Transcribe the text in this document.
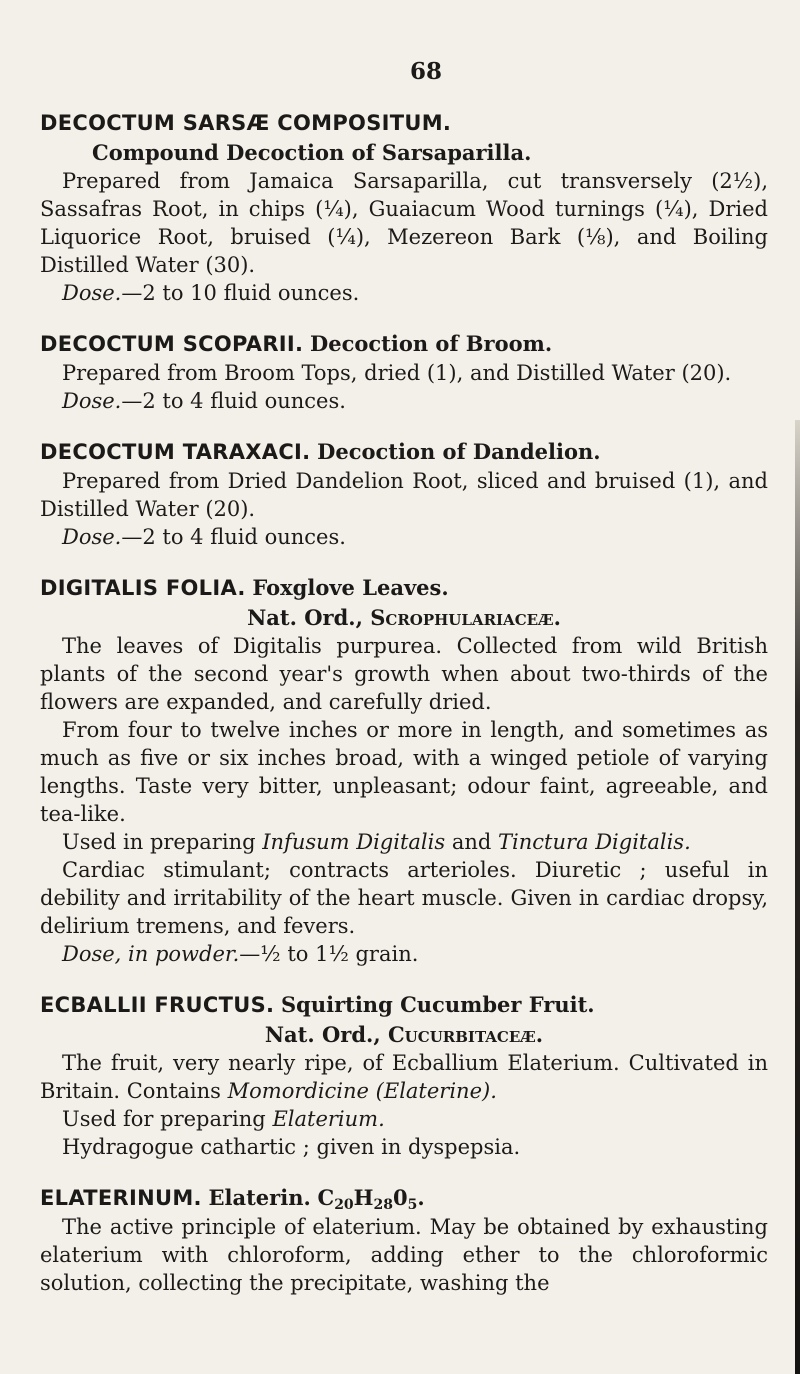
68
DECOCTUM SARSÆ COMPOSITUM.
Compound Decoction of Sarsaparilla.

Prepared from Jamaica Sarsaparilla, cut transversely (2½), Sassafras Root, in chips (¼), Guaiacum Wood turnings (¼), Dried Liquorice Root, bruised (¼), Mezereon Bark (⅛), and Boiling Distilled Water (30).

Dose.—2 to 10 fluid ounces.

DECOCTUM SCOPARII. Decoction of Broom.

Prepared from Broom Tops, dried (1), and Distilled Water (20).

Dose.—2 to 4 fluid ounces.

DECOCTUM TARAXACI. Decoction of Dandelion.

Prepared from Dried Dandelion Root, sliced and bruised (1), and Distilled Water (20).

Dose.—2 to 4 fluid ounces.

DIGITALIS FOLIA. Foxglove Leaves.
Nat. Ord., Scrophulariaceæ.

The leaves of Digitalis purpurea. Collected from wild British plants of the second year's growth when about two-thirds of the flowers are expanded, and carefully dried.

From four to twelve inches or more in length, and sometimes as much as five or six inches broad, with a winged petiole of varying lengths. Taste very bitter, unpleasant; odour faint, agreeable, and tea-like.

Used in preparing Infusum Digitalis and Tinctura Digitalis.

Cardiac stimulant; contracts arterioles. Diuretic ; useful in debility and irritability of the heart muscle. Given in cardiac dropsy, delirium tremens, and fevers.

Dose, in powder.—½ to 1½ grain.

ECBALLII FRUCTUS. Squirting Cucumber Fruit.
Nat. Ord., Cucurbitaceæ.

The fruit, very nearly ripe, of Ecballium Elaterium. Cultivated in Britain. Contains Momordicine (Elaterine).

Used for preparing Elaterium.

Hydragogue cathartic ; given in dyspepsia.

ELATERINUM. Elaterin. $C_{20}H_{28}0_5$.

The active principle of elaterium. May be obtained by exhausting elaterium with chloroform, adding ether to the chloroformic solution, collecting the precipitate, washing the
